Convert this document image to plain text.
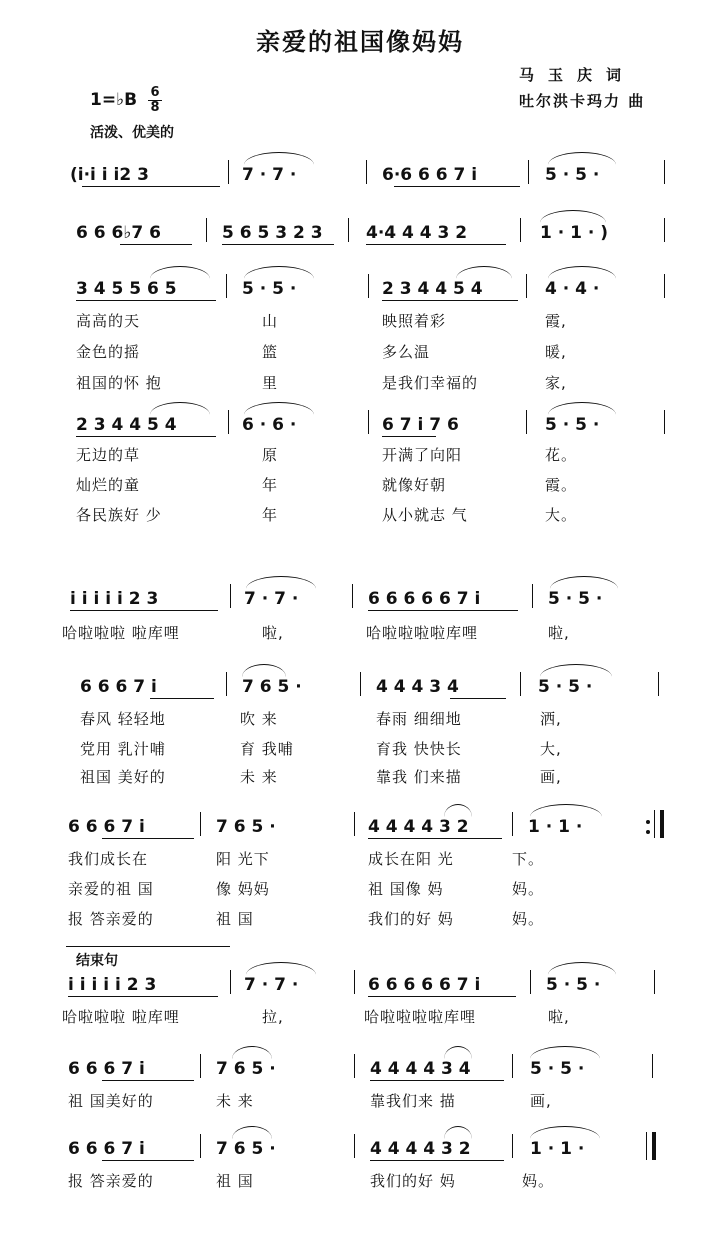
亲爱的祖国像妈妈
马玉庆词
吐尔洪卡玛力 曲
1=♭B 6
8
活泼、优美的
(i·i i i2 3	7 · 7 ·	6·6 6 6 7 i	5 · 5 ·
6 6 6♭7 6	5 6 5 3 2 3	4·4 4 4 3 2	1 · 1 · )
3 4 5 5 6 5	5 · 5 ·	2 3 4 4 5 4	4 · 4 ·
高高的天	山	映照着彩	霞,
金色的摇	篮	多么温	暖,
祖国的怀 抱	里	是我们幸福的	家,
2 3 4 4 5 4	6 · 6 ·	6 7 i 7 6	5 · 5 ·
无边的草	原	开满了向阳	花。
灿烂的童	年	就像好朝	霞。
各民族好 少	年	从小就志 气	大。
i i i i i 2 3	7 · 7 ·	6 6 6 6 6 7 i	5 · 5 ·
哈啦啦啦 啦库哩	啦,	哈啦啦啦啦库哩	啦,
6 6 6 7 i	7 6 5 ·	4 4 4 3 4	5 · 5 ·
春风 轻轻地	吹 来	春雨 细细地	洒,
党用 乳汁哺	育 我哺	育我 快快长	大,
祖国 美好的	未 来	靠我 们来描	画,
6 6 6 7 i	7 6 5 ·	4 4 4 4 3 2	1 · 1 ·
我们成长在	阳 光下	成长在阳 光	下。
亲爱的祖 国	像 妈妈	祖 国像 妈	妈。
报 答亲爱的	祖 国	我们的好 妈	妈。
结束句
i i i i i 2 3	7 · 7 ·	6 6 6 6 6 7 i	5 · 5 ·
哈啦啦啦 啦库哩	拉,	哈啦啦啦啦库哩	啦,
6 6 6 7 i	7 6 5 ·	4 4 4 4 3 4	5 · 5 ·
祖 国美好的	未 来	靠我们来 描	画,
6 6 6 7 i	7 6 5 ·	4 4 4 4 3 2	1 · 1 ·
报 答亲爱的	祖 国	我们的好 妈	妈。
